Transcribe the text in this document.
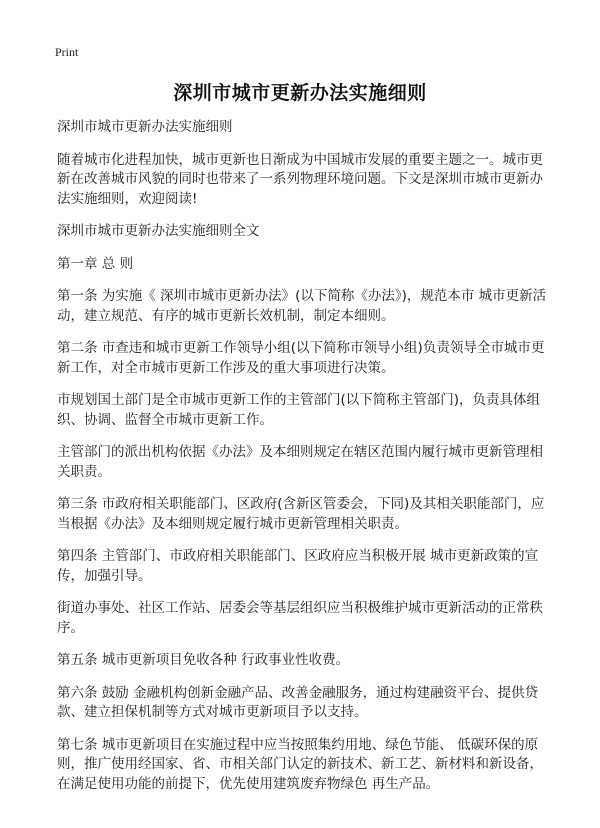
Print
深圳市城市更新办法实施细则

深圳市城市更新办法实施细则

随着城市化进程加快，城市更新也日渐成为中国城市发展的重要主题之一。城市更新在改善城市风貌的同时也带来了一系列物理环境问题。下文是深圳市城市更新办法实施细则，欢迎阅读!

深圳市城市更新办法实施细则全文

第一章 总 则

第一条 为实施《 深圳市城市更新办法》(以下简称《办法》)，规范本市 城市更新活动，建立规范、有序的城市更新长效机制，制定本细则。

第二条 市查违和城市更新工作领导小组(以下简称市领导小组)负责领导全市城市更新工作，对全市城市更新工作涉及的重大事项进行决策。

市规划国土部门是全市城市更新工作的主管部门(以下简称主管部门)，负责具体组织、协调、监督全市城市更新工作。

主管部门的派出机构依据《办法》及本细则规定在辖区范围内履行城市更新管理相关职责。

第三条 市政府相关职能部门、区政府(含新区管委会，下同)及其相关职能部门，应当根据《办法》及本细则规定履行城市更新管理相关职责。

第四条 主管部门、市政府相关职能部门、区政府应当积极开展 城市更新政策的宣传，加强引导。

街道办事处、社区工作站、居委会等基层组织应当积极维护城市更新活动的正常秩序。

第五条 城市更新项目免收各种 行政事业性收费。

第六条 鼓励 金融机构创新金融产品、改善金融服务，通过构建融资平台、提供贷款、建立担保机制等方式对城市更新项目予以支持。

第七条 城市更新项目在实施过程中应当按照集约用地、绿色节能、 低碳环保的原则，推广使用经国家、省、市相关部门认定的新技术、新工艺、新材料和新设备，在满足使用功能的前提下，优先使用建筑废弃物绿色 再生产品。
